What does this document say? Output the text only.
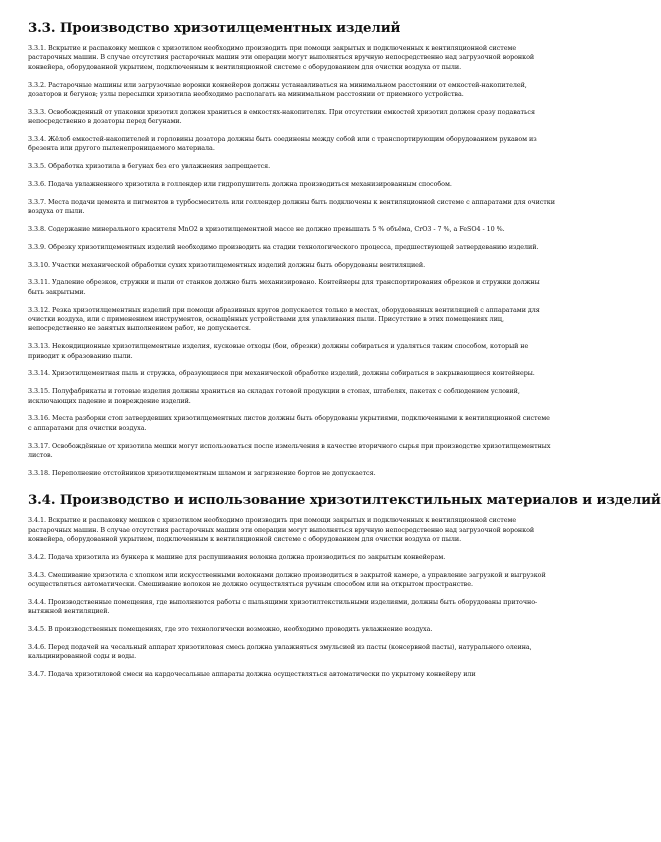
3.3. Производство хризотилцементных изделий
3.3.1. Вскрытие и распаковку мешков с хризотилом необходимо производить при помощи закрытых и подключенных к вентиляционной системе растарочных машин. В случае отсутствия растарочных машин эти операции могут выполняться вручную непосредственно над загрузочной воронкой конвейера, оборудованной укрытием, подключенным к вентиляционной системе с оборудованием для очистки воздуха от пыли.
3.3.2. Растарочные машины или загрузочные воронки конвейеров должны устанавливаться на минимальном расстоянии от емкостей-накопителей, дозаторов и бегунов; узлы пересыпки хризотила необходимо располагать на минимальном расстоянии от приемного устройства.
3.3.3. Освобожденный от упаковки хризотил должен храниться в емкостях-накопителях. При отсутствии емкостей хризотил должен сразу подаваться непосредственно в дозаторы перед бегунами.
3.3.4. Жёлоб емкостей-накопителей и горловины дозатора должны быть соединены между собой или с транспортирующим оборудованием рукавом из брезента или другого пыленепроницаемого материала.
3.3.5. Обработка хризотила в бегунах без его увлажнения запрещается.
3.3.6. Подача увлажненного хризотила в голлендер или гидропушитель должна производиться механизированным способом.
3.3.7. Места подачи цемента и пигментов в турбосмеситель или голлендер должны быть подключены к вентиляционной системе с аппаратами для очистки воздуха от пыли.
3.3.8. Содержание минерального красителя MnO2 в хризотилцементной массе не должно превышать 5 % объёма, CrO3 - 7 %, а FeSO4 - 10 %.
3.3.9. Обрезку хризотилцементных изделий необходимо производить на стадии технологического процесса, предшествующей затвердеванию изделий.
3.3.10. Участки механической обработки сухих хризотилцементных изделий должны быть оборудованы вентиляцией.
3.3.11. Удаление обрезков, стружки и пыли от станков должно быть механизировано. Контейнеры для транспортирования обрезков и стружки должны быть закрытыми.
3.3.12. Резка хризотилцементных изделий при помощи абразивных кругов допускается только в местах, оборудованных вентиляцией с аппаратами для очистки воздуха, или с применением инструментов, оснащённых устройствами для улавливания пыли. Присутствие в этих помещениях лиц, непосредственно не занятых выполнением работ, не допускается.
3.3.13. Некондиционные хризотилцементные изделия, кусковые отходы (бои, обрезки) должны собираться и удаляться таким способом, который не приводит к образованию пыли.
3.3.14. Хризотилцементная пыль и стружка, образующиеся при механической обработке изделий, должны собираться в закрывающиеся контейнеры.
3.3.15. Полуфабрикаты и готовые изделия должны храниться на складах готовой продукции в стопах, штабелях, пакетах с соблюдением условий, исключающих падение и повреждение изделий.
3.3.16. Места разборки стоп затвердевших хризотилцементных листов должны быть оборудованы укрытиями, подключенными к вентиляционной системе с аппаратами для очистки воздуха.
3.3.17. Освобождённые от хризотила мешки могут использоваться после измельчения в качестве вторичного сырья при производстве хризотилцементных листов.
3.3.18. Переполнение отстойников хризотилцементным шламом и загрязнение бортов не допускается.
3.4. Производство и использование хризотилтекстильных материалов и изделий
3.4.1. Вскрытие и распаковку мешков с хризотилом необходимо производить при помощи закрытых и подключенных к вентиляционной системе растарочных машин. В случае отсутствия растарочных машин эти операции могут выполняться вручную непосредственно над загрузочной воронкой конвейера, оборудованной укрытием, подключенным к вентиляционной системе с оборудованием для очистки воздуха от пыли.
3.4.2. Подача хризотила из бункера к машине для распушивания волокна должна производиться по закрытым конвейерам.
3.4.3. Смешивание хризотила с хлопком или искусственными волокнами должно производиться в закрытой камере, а управление загрузкой и выгрузкой осуществляться автоматически. Смешивание волокон не должно осуществляться ручным способом или на открытом пространстве.
3.4.4. Производственные помещения, где выполняются работы с пыльящими хризотилтекстильными изделиями, должны быть оборудованы приточно-вытяжной вентиляцией.
3.4.5. В производственных помещениях, где это технологически возможно, необходимо проводить увлажнение воздуха.
3.4.6. Перед подачей на чесальный аппарат хризотиловая смесь должна увлажняться эмульсией из пасты (консервной пасты), натурального олеина, кальцинированной соды и воды.
3.4.7. Подача хризотиловой смеси на кардочесальные аппараты должна осуществляться автоматически по укрытому конвейеру или
